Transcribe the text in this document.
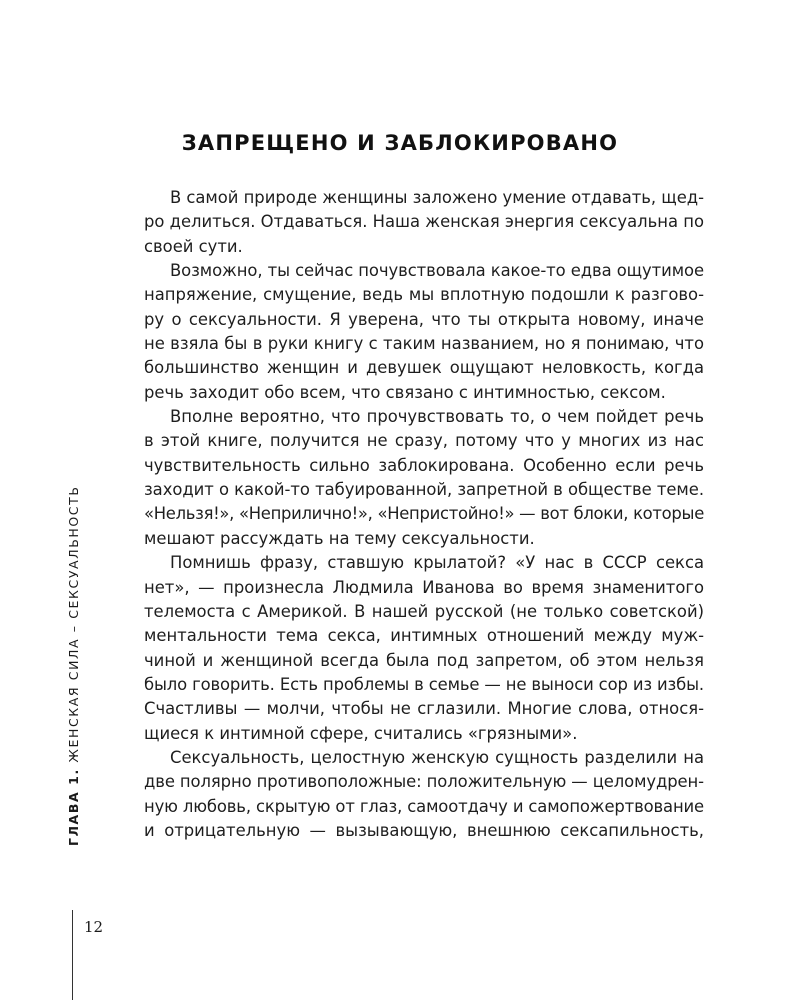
ЗАПРЕЩЕНО И ЗАБЛОКИРОВАНО
В самой природе женщины заложено умение отдавать, щед-
ро делиться. Отдаваться. Наша женская энергия сексуальна по
своей сути.
Возможно, ты сейчас почувствовала какое-то едва ощутимое
напряжение, смущение, ведь мы вплотную подошли к разгово-
ру о сексуальности. Я уверена, что ты открыта новому, иначе
не взяла бы в руки книгу с таким названием, но я понимаю, что
большинство женщин и девушек ощущают неловкость, когда
речь заходит обо всем, что связано с интимностью, сексом.
Вполне вероятно, что прочувствовать то, о чем пойдет речь
в этой книге, получится не сразу, потому что у многих из нас
чувствительность сильно заблокирована. Особенно если речь
заходит о какой-то табуированной, запретной в обществе теме.
«Нельзя!», «Неприлично!», «Непристойно!» — вот блоки, которые
мешают рассуждать на тему сексуальности.
Помнишь фразу, ставшую крылатой? «У нас в СССР секса
нет», — произнесла Людмила Иванова во время знаменитого
телемоста с Америкой. В нашей русской (не только советской)
ментальности тема секса, интимных отношений между муж-
чиной и женщиной всегда была под запретом, об этом нельзя
было говорить. Есть проблемы в семье — не выноси сор из избы.
Счастливы — молчи, чтобы не сглазили. Многие слова, относя-
щиеся к интимной сфере, считались «грязными».
Сексуальность, целостную женскую сущность разделили на
две полярно противоположные: положительную — целомудрен-
ную любовь, скрытую от глаз, самоотдачу и самопожертвование
и отрицательную — вызывающую, внешнюю сексапильность,
ГЛАВА 1. ЖЕНСКАЯ СИЛА – СЕКСУАЛЬНОСТЬ
12
